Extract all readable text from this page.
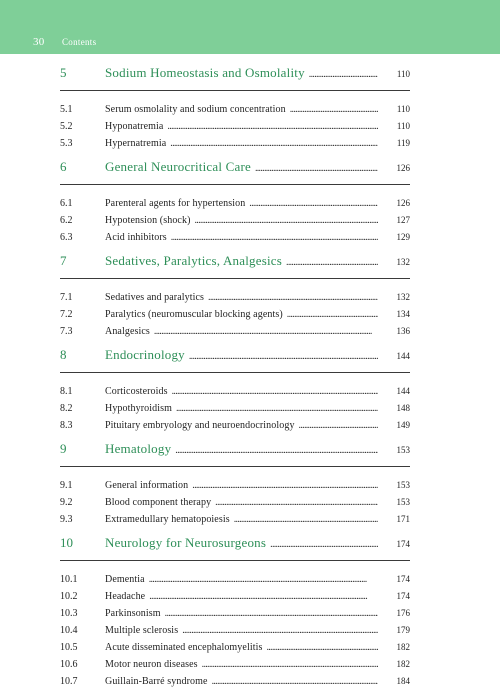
30 Contents
5	Sodium Homeostasis and Osmolality . . .	110
5.1	Serum osmolality and sodium concentration . . .	110
5.2	Hyponatremia . . .	110
5.3	Hypernatremia . . .	119
6	General Neurocritical Care . . .	126
6.1	Parenteral agents for hypertension . . .	126
6.2	Hypotension (shock) . . .	127
6.3	Acid inhibitors . . .	129
7	Sedatives, Paralytics, Analgesics . . .	132
7.1	Sedatives and paralytics . . .	132
7.2	Paralytics (neuromuscular blocking agents) . . .	134
7.3	Analgesics . . .	136
8	Endocrinology . . .	144
8.1	Corticosteroids . . .	144
8.2	Hypothyroidism . . .	148
8.3	Pituitary embryology and neuroendocrinology . . .	149
9	Hematology . . .	153
9.1	General information . . .	153
9.2	Blood component therapy . . .	153
9.3	Extramedullary hematopoiesis . . .	171
10	Neurology for Neurosurgeons . . .	174
10.1	Dementia . . .	174
10.2	Headache . . .	174
10.3	Parkinsonism . . .	176
10.4	Multiple sclerosis . . .	179
10.5	Acute disseminated encephalomyelitis . . .	182
10.6	Motor neuron diseases . . .	182
10.7	Guillain-Barré syndrome . . .	184
